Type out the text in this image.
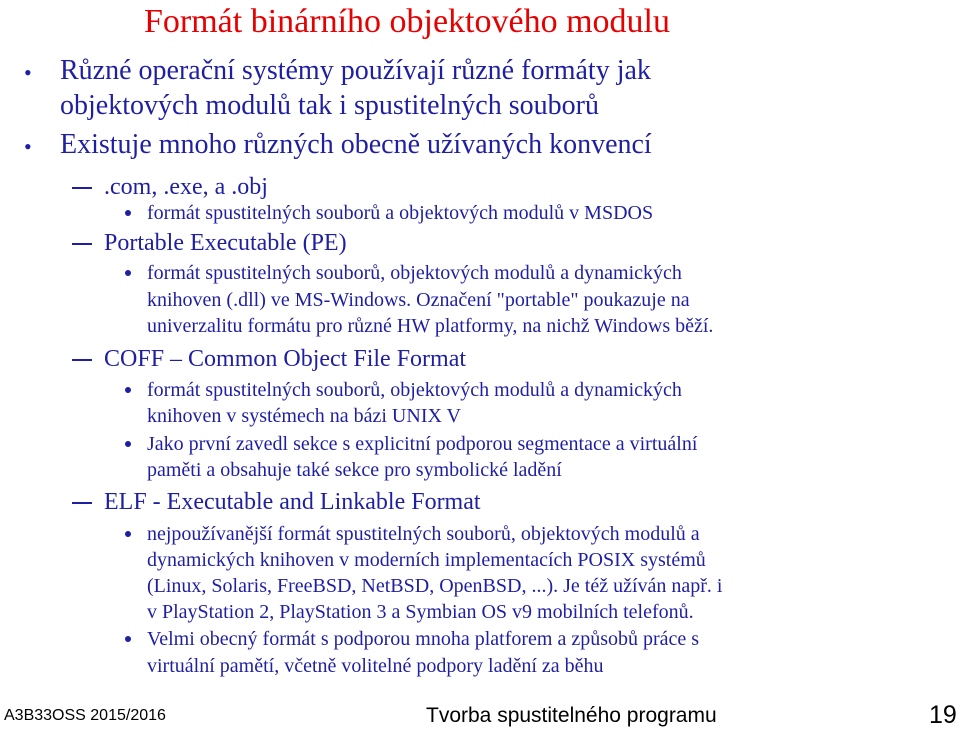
Formát binárního objektového modulu
• Různé operační systémy používají různé formáty jak
objektových modulů tak i spustitelných souborů
• Existuje mnoho různých obecně užívaných konvencí
.com, .exe, a .obj
formát spustitelných souborů a objektových modulů v MSDOS
Portable Executable (PE)
formát spustitelných souborů, objektových modulů a dynamických
knihoven (.dll) ve MS-Windows. Označení "portable" poukazuje na
univerzalitu formátu pro různé HW platformy, na nichž Windows běží.
COFF – Common Object File Format
formát spustitelných souborů, objektových modulů a dynamických
knihoven v systémech na bázi UNIX V
Jako první zavedl sekce s explicitní podporou segmentace a virtuální
paměti a obsahuje také sekce pro symbolické ladění
ELF - Executable and Linkable Format
nejpoužívanější formát spustitelných souborů, objektových modulů a
dynamických knihoven v moderních implementacích POSIX systémů
(Linux, Solaris, FreeBSD, NetBSD, OpenBSD, ...). Je též užíván např. i
v PlayStation 2, PlayStation 3 a Symbian OS v9 mobilních telefonů.
Velmi obecný formát s podporou mnoha platforem a způsobů práce s
virtuální pamětí, včetně volitelné podpory ladění za běhu
A3B33OSS 2015/2016	Tvorba spustitelného programu	19
